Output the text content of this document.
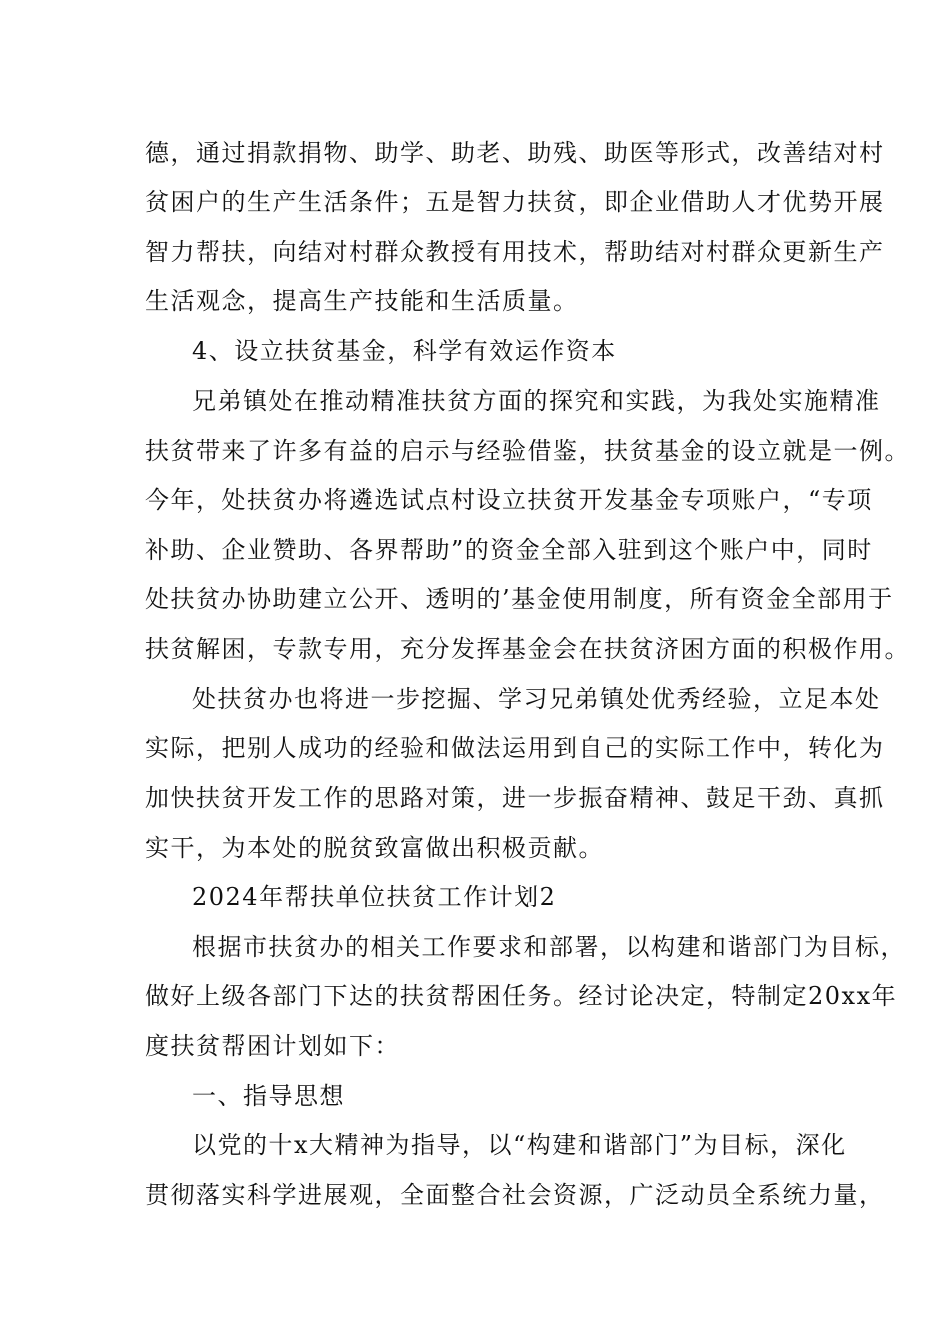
德，通过捐款捐物、助学、助老、助残、助医等形式，改善结对村
贫困户的生产生活条件；五是智力扶贫，即企业借助人才优势开展
智力帮扶，向结对村群众教授有用技术，帮助结对村群众更新生产
生活观念，提高生产技能和生活质量。
4、设立扶贫基金，科学有效运作资本
兄弟镇处在推动精准扶贫方面的探究和实践，为我处实施精准
扶贫带来了许多有益的启示与经验借鉴，扶贫基金的设立就是一例。
今年，处扶贫办将遴选试点村设立扶贫开发基金专项账户，“专项
补助、企业赞助、各界帮助”的资金全部入驻到这个账户中，同时
处扶贫办协助建立公开、透明的’基金使用制度，所有资金全部用于
扶贫解困，专款专用，充分发挥基金会在扶贫济困方面的积极作用。
处扶贫办也将进一步挖掘、学习兄弟镇处优秀经验，立足本处
实际，把别人成功的经验和做法运用到自己的实际工作中，转化为
加快扶贫开发工作的思路对策，进一步振奋精神、鼓足干劲、真抓
实干，为本处的脱贫致富做出积极贡献。
2024年帮扶单位扶贫工作计划2
根据市扶贫办的相关工作要求和部署，以构建和谐部门为目标，
做好上级各部门下达的扶贫帮困任务。经讨论决定，特制定20xx年
度扶贫帮困计划如下：
一、指导思想
以党的十x大精神为指导，以“构建和谐部门”为目标，深化
贯彻落实科学进展观，全面整合社会资源，广泛动员全系统力量，
